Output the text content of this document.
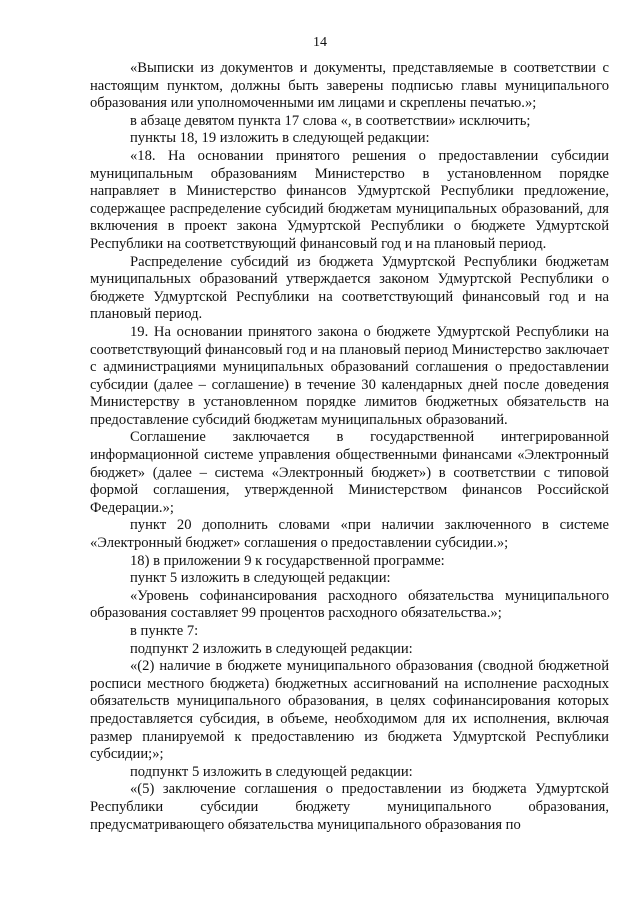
14

«Выписки из документов и документы, представляемые в соответствии с настоящим пунктом, должны быть заверены подписью главы муниципального образования или уполномоченными им лицами и скреплены печатью.»;

в абзаце девятом пункта 17 слова «, в соответствии» исключить;

пункты 18, 19 изложить в следующей редакции:

«18. На основании принятого решения о предоставлении субсидии муниципальным образованиям Министерство в установленном порядке направляет в Министерство финансов Удмуртской Республики предложение, содержащее распределение субсидий бюджетам муниципальных образований, для включения в проект закона Удмуртской Республики о бюджете Удмуртской Республики на соответствующий финансовый год и на плановый период.

Распределение субсидий из бюджета Удмуртской Республики бюджетам муниципальных образований утверждается законом Удмуртской Республики о бюджете Удмуртской Республики на соответствующий финансовый год и на плановый период.

19. На основании принятого закона о бюджете Удмуртской Республики на соответствующий финансовый год и на плановый период Министерство заключает с администрациями муниципальных образований соглашения о предоставлении субсидии (далее – соглашение) в течение 30 календарных дней после доведения Министерству в установленном порядке лимитов бюджетных обязательств на предоставление субсидий бюджетам муниципальных образований.

Соглашение заключается в государственной интегрированной информационной системе управления общественными финансами «Электронный бюджет» (далее – система «Электронный бюджет») в соответствии с типовой формой соглашения, утвержденной Министерством финансов Российской Федерации.»;

пункт 20 дополнить словами «при наличии заключенного в системе «Электронный бюджет» соглашения о предоставлении субсидии.»;

18) в приложении 9 к государственной программе:

пункт 5 изложить в следующей редакции:

«Уровень софинансирования расходного обязательства муниципального образования составляет 99 процентов расходного обязательства.»;

в пункте 7:

подпункт 2 изложить в следующей редакции:

«(2) наличие в бюджете муниципального образования (сводной бюджетной росписи местного бюджета) бюджетных ассигнований на исполнение расходных обязательств муниципального образования, в целях софинансирования которых предоставляется субсидия, в объеме, необходимом для их исполнения, включая размер планируемой к предоставлению из бюджета Удмуртской Республики субсидии;»;

подпункт 5 изложить в следующей редакции:

«(5) заключение соглашения о предоставлении из бюджета Удмуртской Республики субсидии бюджету муниципального образования, предусматривающего обязательства муниципального образования по
